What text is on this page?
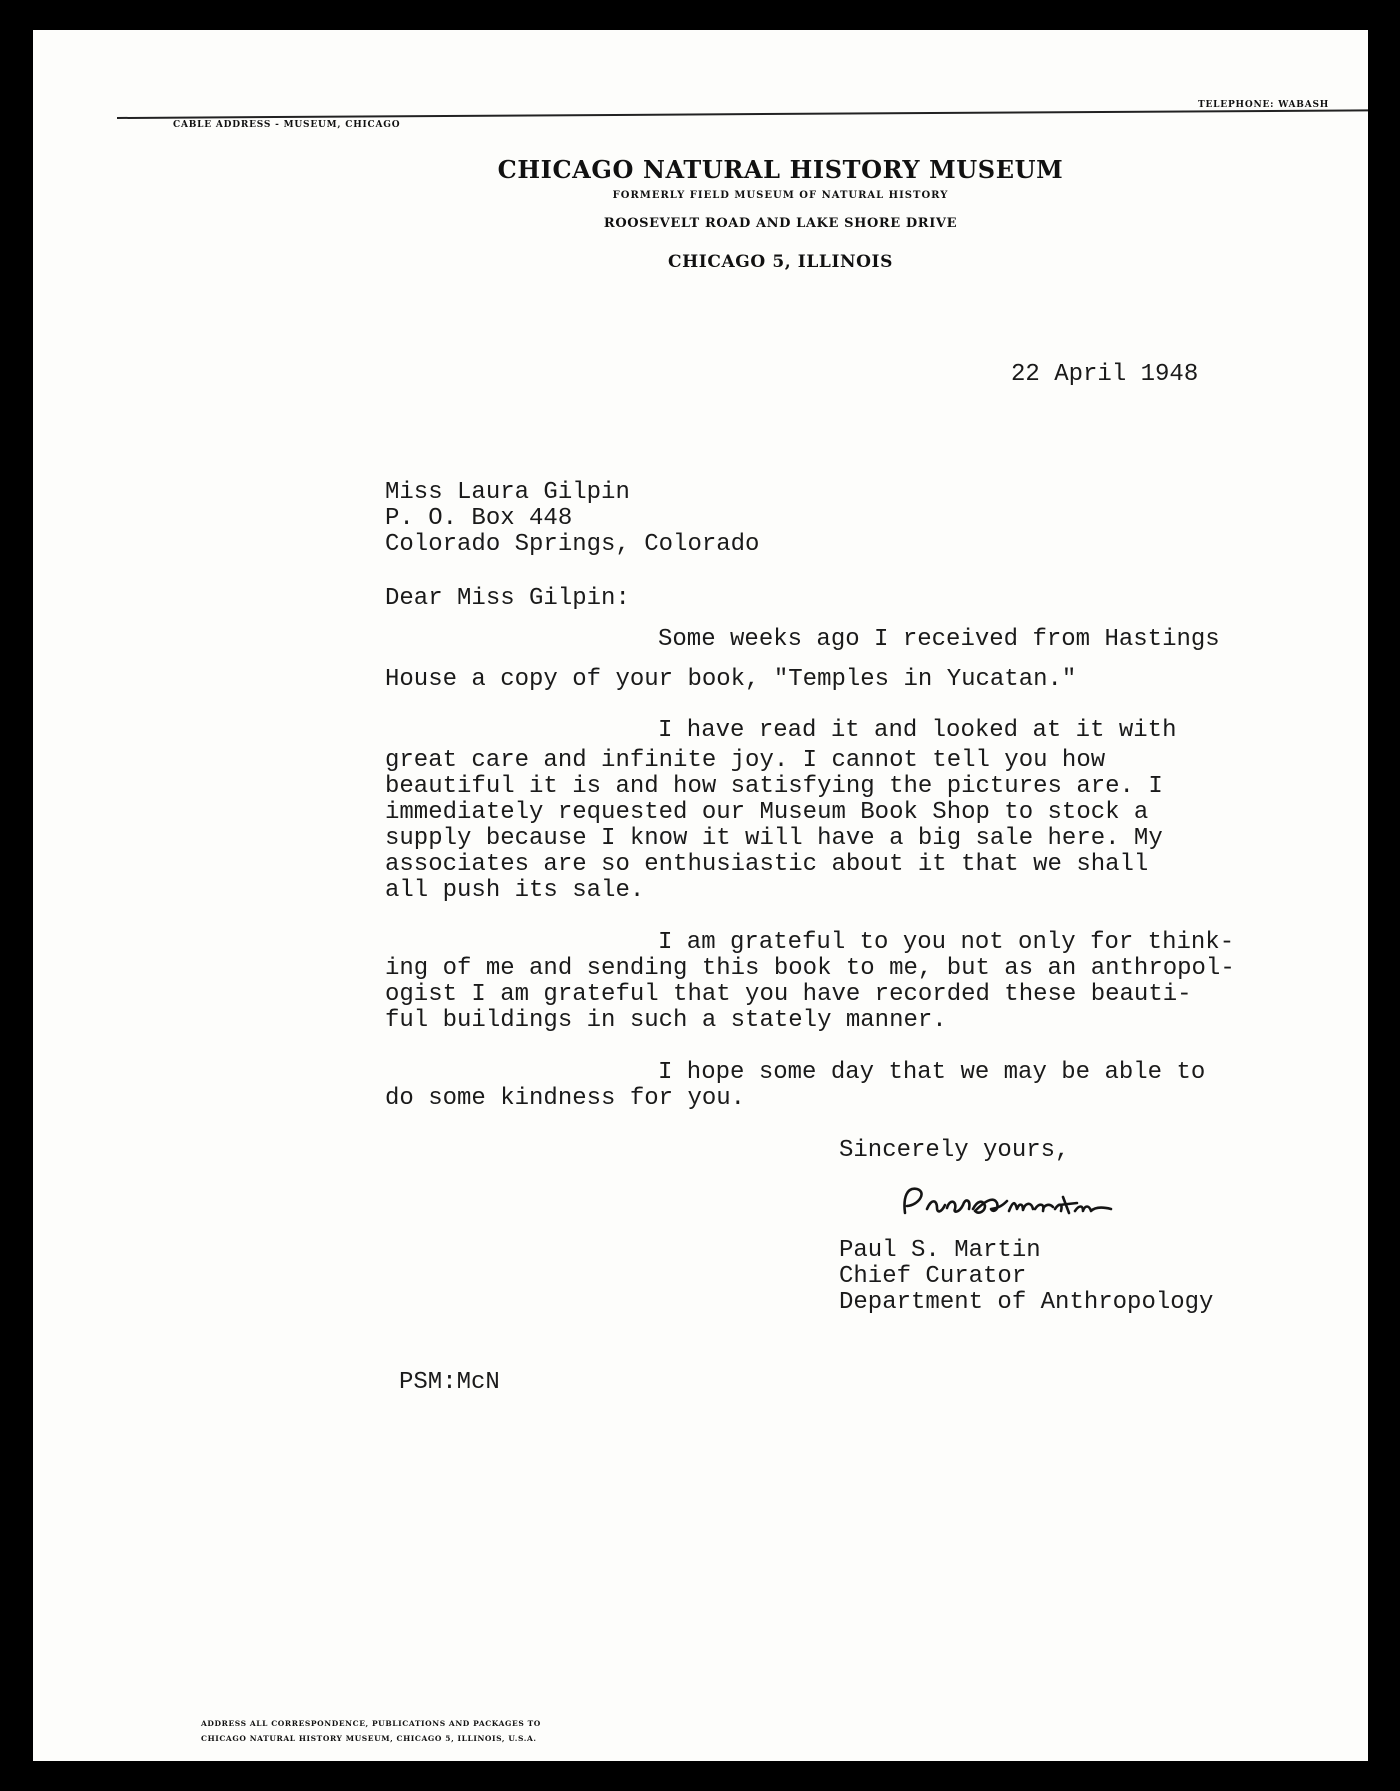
CABLE ADDRESS - MUSEUM, CHICAGO
TELEPHONE: WABASH
CHICAGO NATURAL HISTORY MUSEUM
FORMERLY FIELD MUSEUM OF NATURAL HISTORY
ROOSEVELT ROAD AND LAKE SHORE DRIVE
CHICAGO 5, ILLINOIS
22 April 1948
Miss Laura Gilpin
P. O. Box 448
Colorado Springs, Colorado
Dear Miss Gilpin:
Some weeks ago I received from Hastings
House a copy of your book, "Temples in Yucatan."
I have read it and looked at it with
great care and infinite joy. I cannot tell you how
beautiful it is and how satisfying the pictures are. I
immediately requested our Museum Book Shop to stock a
supply because I know it will have a big sale here. My
associates are so enthusiastic about it that we shall
all push its sale.
I am grateful to you not only for think-
ing of me and sending this book to me, but as an anthropol-
ogist I am grateful that you have recorded these beauti-
ful buildings in such a stately manner.
I hope some day that we may be able to
do some kindness for you.
Sincerely yours,
Paul S. Martin
Chief Curator
Department of Anthropology
PSM:McN
ADDRESS ALL CORRESPONDENCE, PUBLICATIONS AND PACKAGES TO
CHICAGO NATURAL HISTORY MUSEUM, CHICAGO 5, ILLINOIS, U.S.A.
